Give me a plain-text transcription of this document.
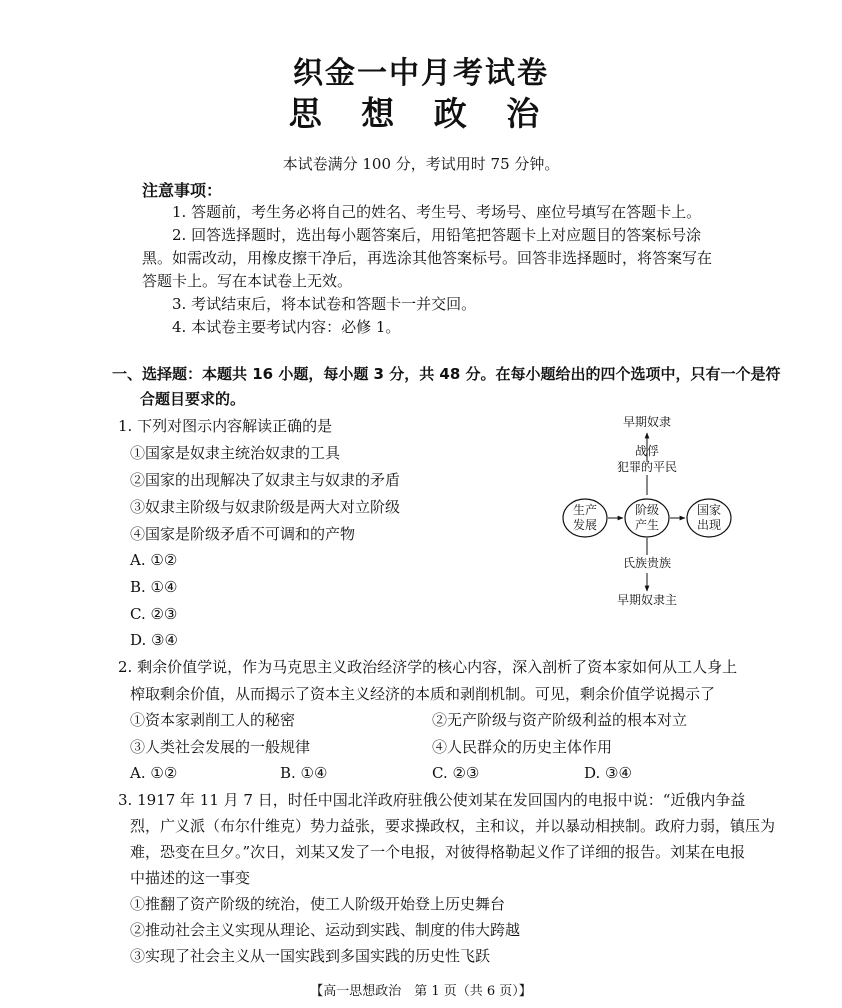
织金一中月考试卷
思 想 政 治
本试卷满分 100 分，考试用时 75 分钟。
注意事项：
1. 答题前，考生务必将自己的姓名、考生号、考场号、座位号填写在答题卡上。
2. 回答选择题时，选出每小题答案后，用铅笔把答题卡上对应题目的答案标号涂
黑。如需改动，用橡皮擦干净后，再选涂其他答案标号。回答非选择题时，将答案写在
答题卡上。写在本试卷上无效。
3. 考试结束后，将本试卷和答题卡一并交回。
4. 本试卷主要考试内容：必修 1。
一、选择题：本题共 16 小题，每小题 3 分，共 48 分。在每小题给出的四个选项中，只有一个是符
合题目要求的。
1. 下列对图示内容解读正确的是
①国家是奴隶主统治奴隶的工具
②国家的出现解决了奴隶主与奴隶的矛盾
③奴隶主阶级与奴隶阶级是两大对立阶级
④国家是阶级矛盾不可调和的产物
A. ①②
B. ①④
C. ②③
D. ③④
早期奴隶
战俘
犯罪的平民
生产
发展
阶级
产生
国家
出现
氏族贵族
早期奴隶主
2. 剩余价值学说，作为马克思主义政治经济学的核心内容，深入剖析了资本家如何从工人身上
榨取剩余价值，从而揭示了资本主义经济的本质和剥削机制。可见，剩余价值学说揭示了
①资本家剥削工人的秘密	②无产阶级与资产阶级利益的根本对立
③人类社会发展的一般规律	④人民群众的历史主体作用
A. ①②	B. ①④	C. ②③	D. ③④
3. 1917 年 11 月 7 日，时任中国北洋政府驻俄公使刘某在发回国内的电报中说：“近俄内争益
烈，广义派（布尔什维克）势力益张，要求操政权，主和议，并以暴动相挟制。政府力弱，镇压为
难，恐变在旦夕。”次日，刘某又发了一个电报，对彼得格勒起义作了详细的报告。刘某在电报
中描述的这一事变
①推翻了资产阶级的统治，使工人阶级开始登上历史舞台
②推动社会主义实现从理论、运动到实践、制度的伟大跨越
③实现了社会主义从一国实践到多国实践的历史性飞跃
【高一思想政治　第 1 页（共 6 页）】
